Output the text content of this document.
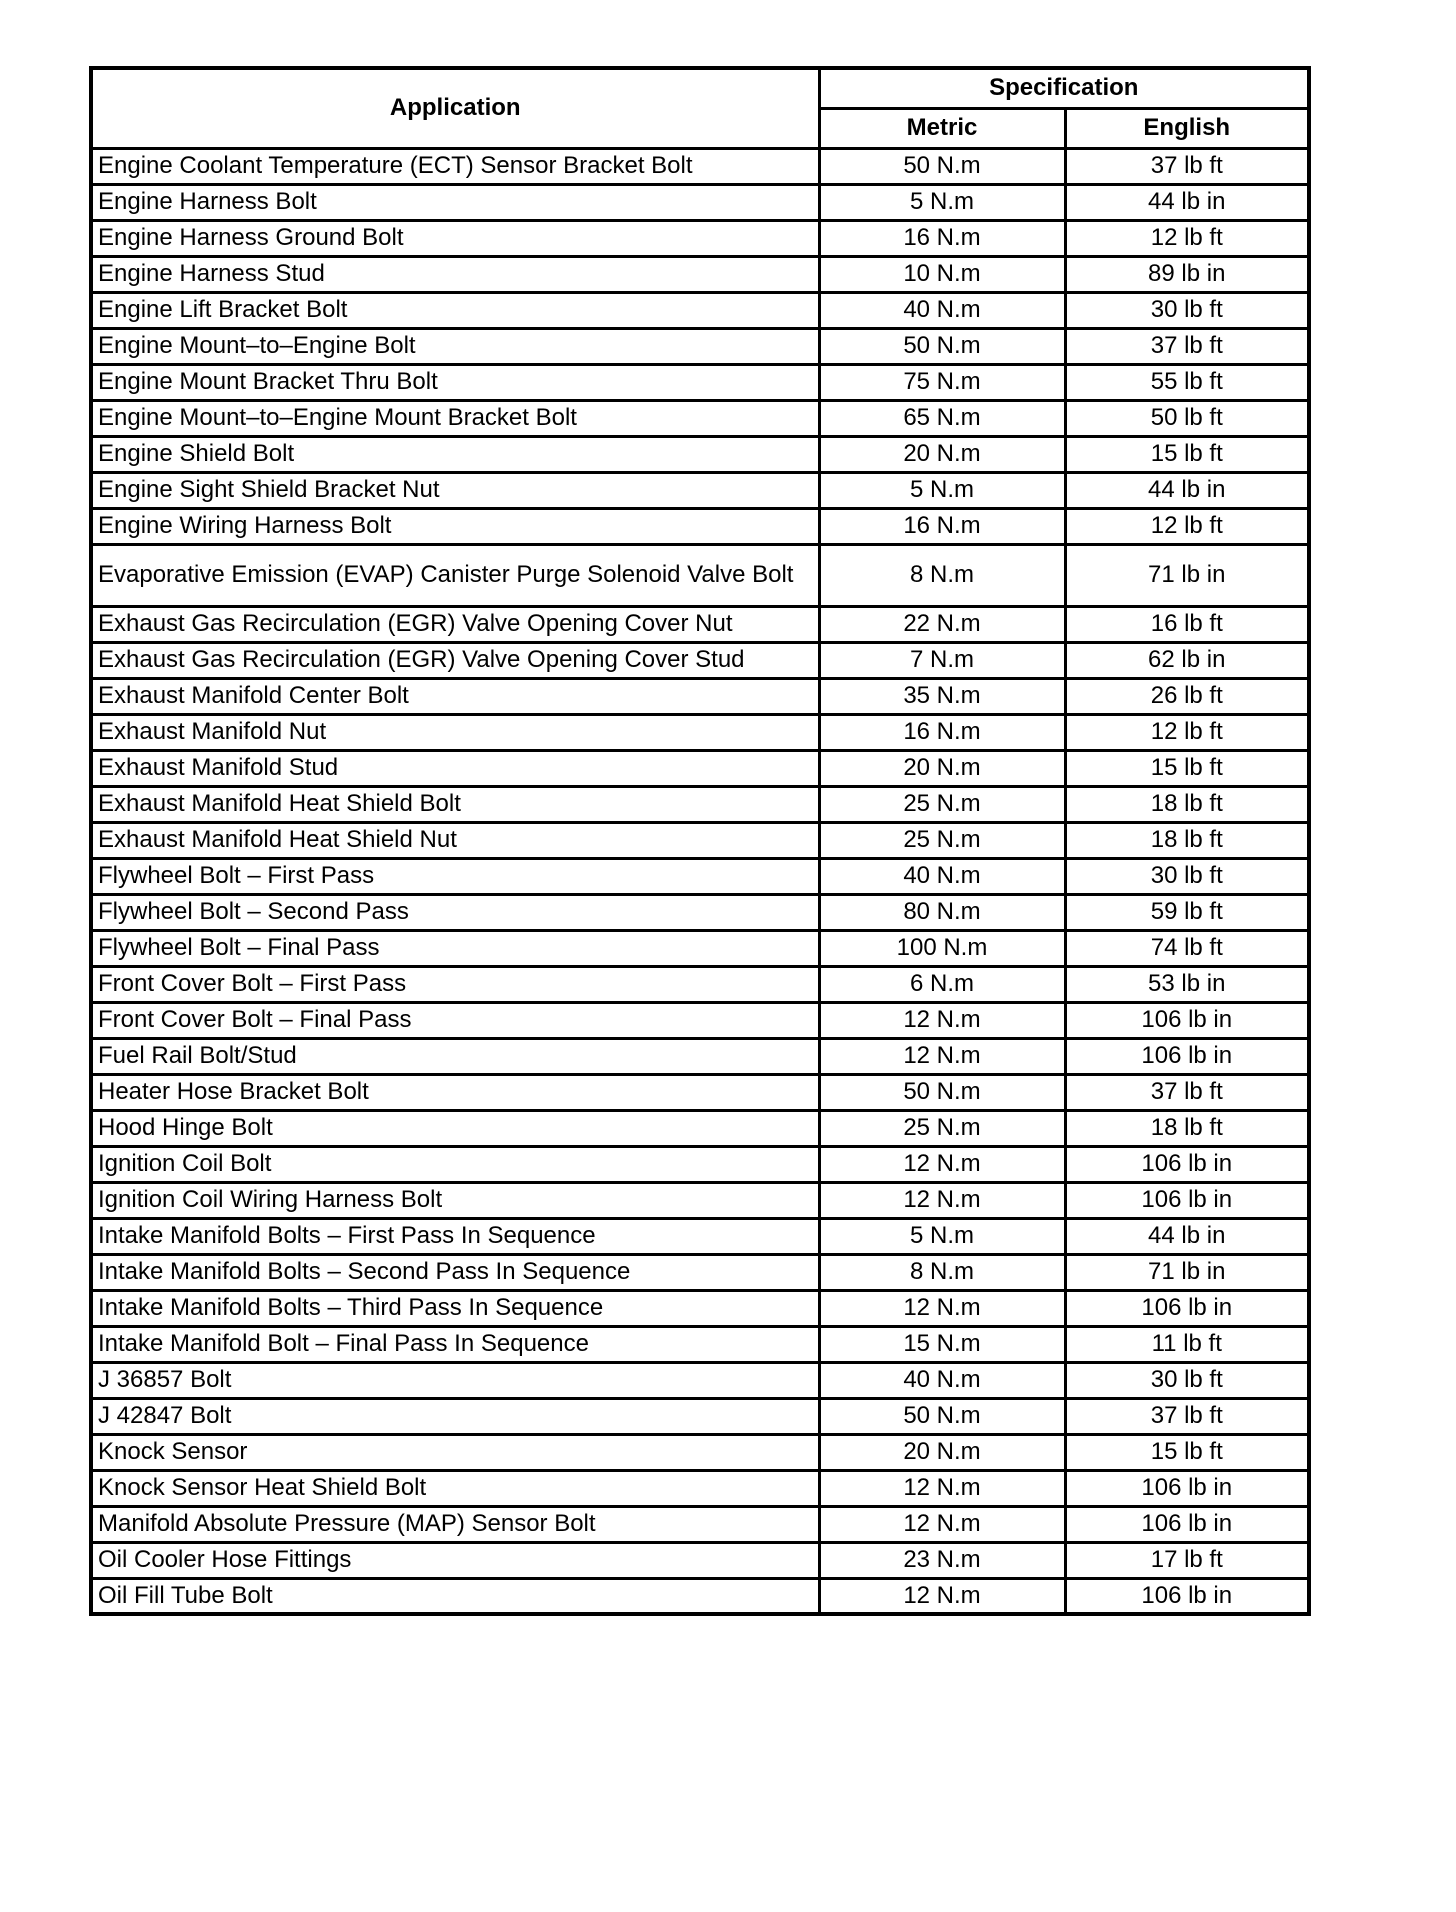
Application	Specification	
	Metric	English
Engine Coolant Temperature (ECT) Sensor Bracket Bolt	50 N.m	37 lb ft
Engine Harness Bolt	5 N.m	44 lb in
Engine Harness Ground Bolt	16 N.m	12 lb ft
Engine Harness Stud	10 N.m	89 lb in
Engine Lift Bracket Bolt	40 N.m	30 lb ft
Engine Mount–to–Engine Bolt	50 N.m	37 lb ft
Engine Mount Bracket Thru Bolt	75 N.m	55 lb ft
Engine Mount–to–Engine Mount Bracket Bolt	65 N.m	50 lb ft
Engine Shield Bolt	20 N.m	15 lb ft
Engine Sight Shield Bracket Nut	5 N.m	44 lb in
Engine Wiring Harness Bolt	16 N.m	12 lb ft
Evaporative Emission (EVAP) Canister Purge Solenoid Valve Bolt	8 N.m	71 lb in
Exhaust Gas Recirculation (EGR) Valve Opening Cover Nut	22 N.m	16 lb ft
Exhaust Gas Recirculation (EGR) Valve Opening Cover Stud	7 N.m	62 lb in
Exhaust Manifold Center Bolt	35 N.m	26 lb ft
Exhaust Manifold Nut	16 N.m	12 lb ft
Exhaust Manifold Stud	20 N.m	15 lb ft
Exhaust Manifold Heat Shield Bolt	25 N.m	18 lb ft
Exhaust Manifold Heat Shield Nut	25 N.m	18 lb ft
Flywheel Bolt – First Pass	40 N.m	30 lb ft
Flywheel Bolt – Second Pass	80 N.m	59 lb ft
Flywheel Bolt – Final Pass	100 N.m	74 lb ft
Front Cover Bolt – First Pass	6 N.m	53 lb in
Front Cover Bolt – Final Pass	12 N.m	106 lb in
Fuel Rail Bolt/Stud	12 N.m	106 lb in
Heater Hose Bracket Bolt	50 N.m	37 lb ft
Hood Hinge Bolt	25 N.m	18 lb ft
Ignition Coil Bolt	12 N.m	106 lb in
Ignition Coil Wiring Harness Bolt	12 N.m	106 lb in
Intake Manifold Bolts – First Pass In Sequence	5 N.m	44 lb in
Intake Manifold Bolts – Second Pass In Sequence	8 N.m	71 lb in
Intake Manifold Bolts – Third Pass In Sequence	12 N.m	106 lb in
Intake Manifold Bolt – Final Pass In Sequence	15 N.m	11 lb ft
J 36857 Bolt	40 N.m	30 lb ft
J 42847 Bolt	50 N.m	37 lb ft
Knock Sensor	20 N.m	15 lb ft
Knock Sensor Heat Shield Bolt	12 N.m	106 lb in
Manifold Absolute Pressure (MAP) Sensor Bolt	12 N.m	106 lb in
Oil Cooler Hose Fittings	23 N.m	17 lb ft
Oil Fill Tube Bolt	12 N.m	106 lb in
